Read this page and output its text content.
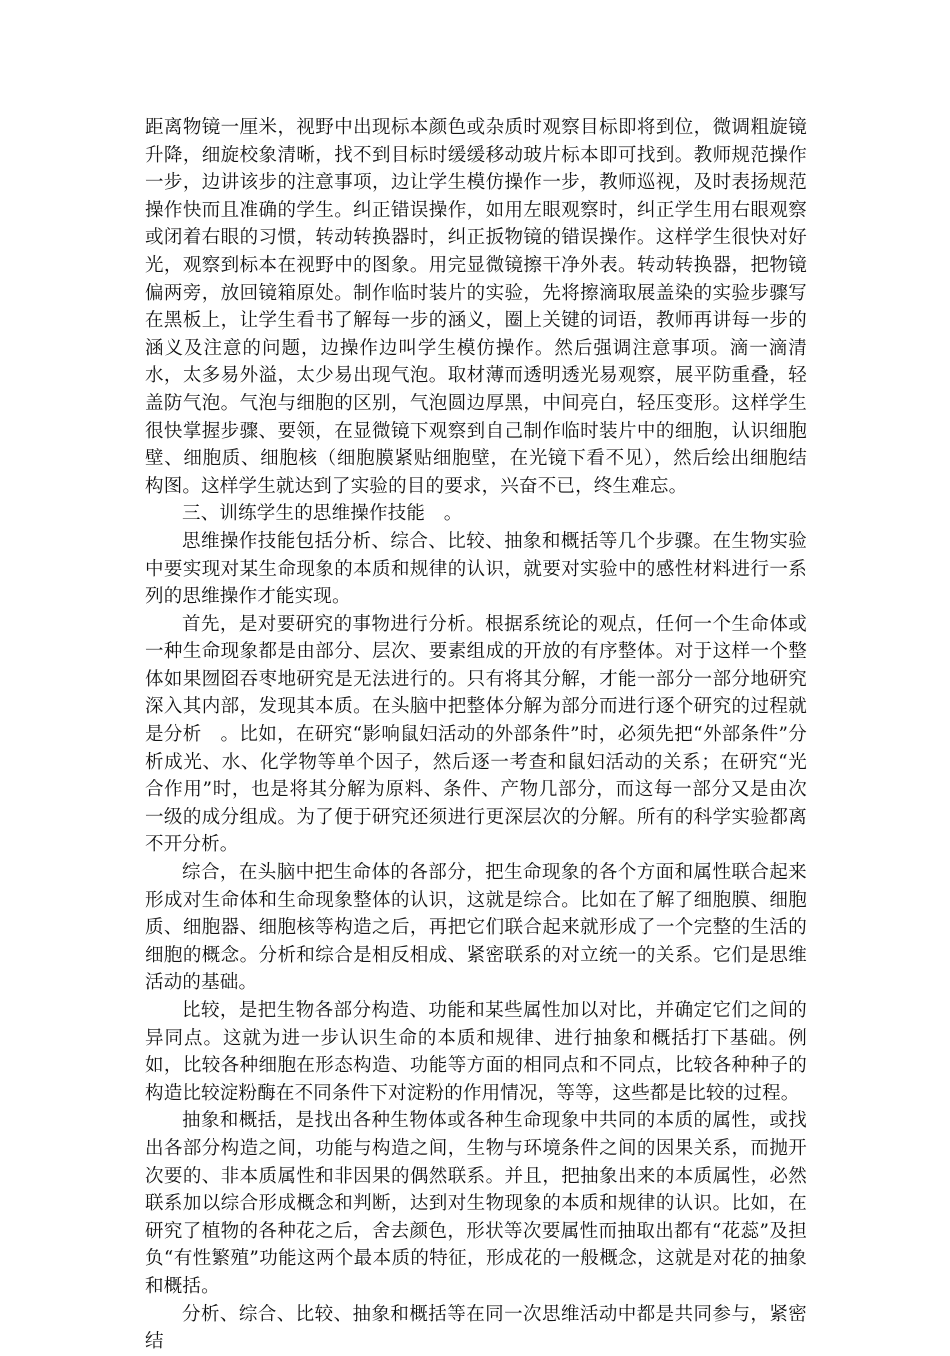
距离物镜一厘米，视野中出现标本颜色或杂质时观察目标即将到位，微调粗旋镜升降，细旋校象清晰，找不到目标时缓缓移动玻片标本即可找到。教师规范操作一步，边讲该步的注意事项，边让学生模仿操作一步，教师巡视，及时表扬规范操作快而且准确的学生。纠正错误操作，如用左眼观察时，纠正学生用右眼观察或闭着右眼的习惯，转动转换器时，纠正扳物镜的错误操作。这样学生很快对好光，观察到标本在视野中的图象。用完显微镜擦干净外表。转动转换器，把物镜偏两旁，放回镜箱原处。制作临时装片的实验，先将擦滴取展盖染的实验步骤写在黑板上，让学生看书了解每一步的涵义，圈上关键的词语，教师再讲每一步的涵义及注意的问题，边操作边叫学生模仿操作。然后强调注意事项。滴一滴清水，太多易外溢，太少易出现气泡。取材薄而透明透光易观察，展平防重叠，轻盖防气泡。气泡与细胞的区别，气泡圆边厚黑，中间亮白，轻压变形。这样学生很快掌握步骤、要领，在显微镜下观察到自己制作临时装片中的细胞，认识细胞壁、细胞质、细胞核（细胞膜紧贴细胞壁，在光镜下看不见），然后绘出细胞结构图。这样学生就达到了实验的目的要求，兴奋不已，终生难忘。

三、训练学生的思维操作技能　。

思维操作技能包括分析、综合、比较、抽象和概括等几个步骤。在生物实验中要实现对某生命现象的本质和规律的认识，就要对实验中的感性材料进行一系列的思维操作才能实现。

首先，是对要研究的事物进行分析。根据系统论的观点，任何一个生命体或一种生命现象都是由部分、层次、要素组成的开放的有序整体。对于这样一个整体如果囫囵吞枣地研究是无法进行的。只有将其分解，才能一部分一部分地研究深入其内部，发现其本质。在头脑中把整体分解为部分而进行逐个研究的过程就是分析　。比如，在研究“影响鼠妇活动的外部条件”时，必须先把“外部条件”分析成光、水、化学物等单个因子，然后逐一考查和鼠妇活动的关系；在研究“光合作用”时，也是将其分解为原料、条件、产物几部分，而这每一部分又是由次一级的成分组成。为了便于研究还须进行更深层次的分解。所有的科学实验都离不开分析。

综合，在头脑中把生命体的各部分，把生命现象的各个方面和属性联合起来形成对生命体和生命现象整体的认识，这就是综合。比如在了解了细胞膜、细胞质、细胞器、细胞核等构造之后，再把它们联合起来就形成了一个完整的生活的细胞的概念。分析和综合是相反相成、紧密联系的对立统一的关系。它们是思维活动的基础。

比较，是把生物各部分构造、功能和某些属性加以对比，并确定它们之间的异同点。这就为进一步认识生命的本质和规律、进行抽象和概括打下基础。例如，比较各种细胞在形态构造、功能等方面的相同点和不同点，比较各种种子的构造比较淀粉酶在不同条件下对淀粉的作用情况，等等，这些都是比较的过程。

抽象和概括，是找出各种生物体或各种生命现象中共同的本质的属性，或找出各部分构造之间，功能与构造之间，生物与环境条件之间的因果关系，而抛开次要的、非本质属性和非因果的偶然联系。并且，把抽象出来的本质属性，必然联系加以综合形成概念和判断，达到对生物现象的本质和规律的认识。比如，在研究了植物的各种花之后，舍去颜色，形状等次要属性而抽取出都有“花蕊”及担负“有性繁殖”功能这两个最本质的特征，形成花的一般概念，这就是对花的抽象和概括。

分析、综合、比较、抽象和概括等在同一次思维活动中都是共同参与，紧密结
